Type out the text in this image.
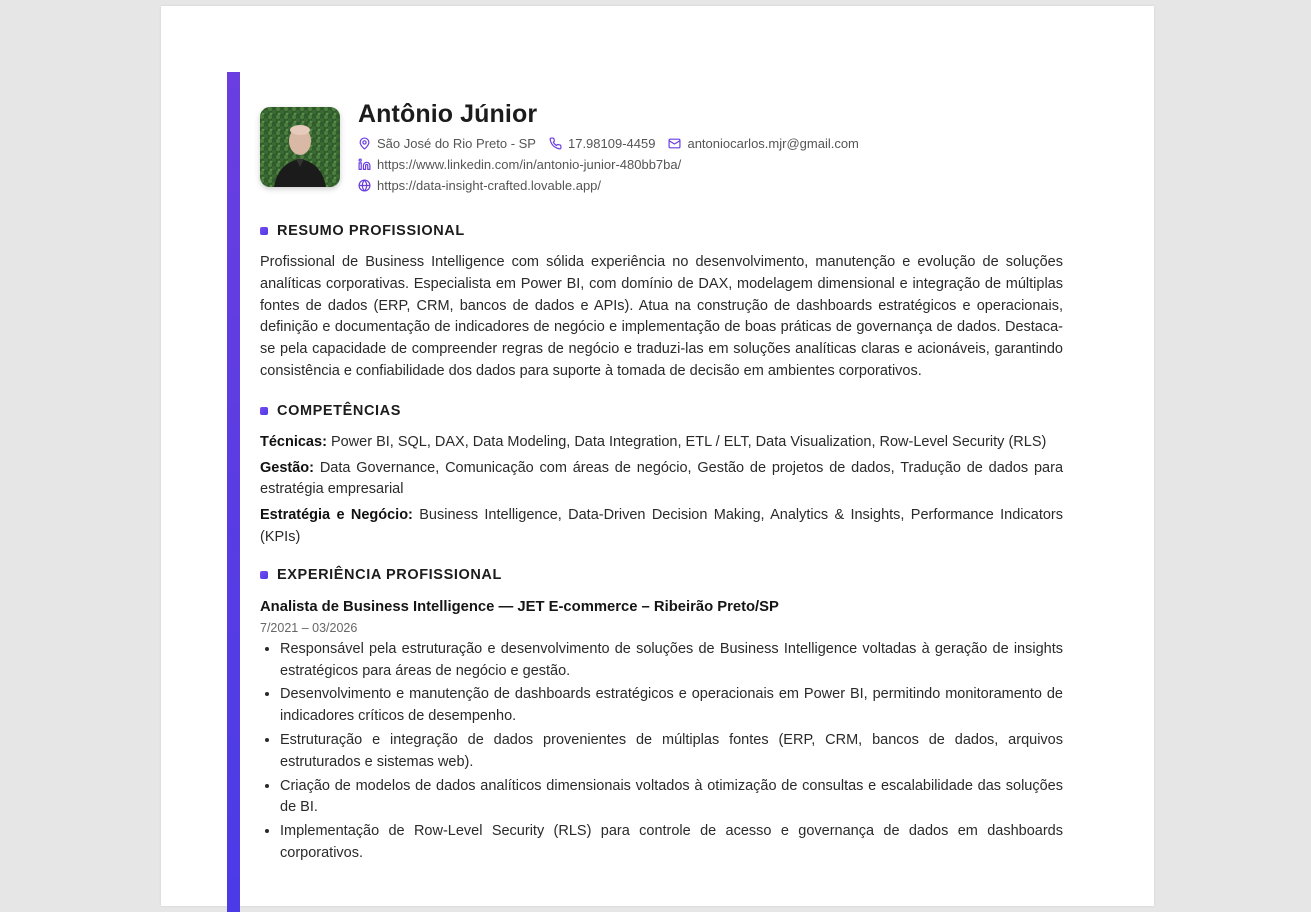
Antônio Júnior
São José do Rio Preto - SP 17.98109-4459 antoniocarlos.mjr@gmail.com
https://www.linkedin.com/in/antonio-junior-480bb7ba/
https://data-insight-crafted.lovable.app/
RESUMO PROFISSIONAL

Profissional de Business Intelligence com sólida experiência no desenvolvimento, manutenção e evolução de soluções analíticas corporativas. Especialista em Power BI, com domínio de DAX, modelagem dimensional e integração de múltiplas fontes de dados (ERP, CRM, bancos de dados e APIs). Atua na construção de dashboards estratégicos e operacionais, definição e documentação de indicadores de negócio e implementação de boas práticas de governança de dados. Destaca-se pela capacidade de compreender regras de negócio e traduzi-las em soluções analíticas claras e acionáveis, garantindo consistência e confiabilidade dos dados para suporte à tomada de decisão em ambientes corporativos.

COMPETÊNCIAS

Técnicas: Power BI, SQL, DAX, Data Modeling, Data Integration, ETL / ELT, Data Visualization, Row-Level Security (RLS)

Gestão: Data Governance, Comunicação com áreas de negócio, Gestão de projetos de dados, Tradução de dados para estratégia empresarial

Estratégia e Negócio: Business Intelligence, Data-Driven Decision Making, Analytics & Insights, Performance Indicators (KPIs)

EXPERIÊNCIA PROFISSIONAL

Analista de Business Intelligence — JET E-commerce – Ribeirão Preto/SP

7/2021 – 03/2026
• Responsável pela estruturação e desenvolvimento de soluções de Business Intelligence voltadas à geração de insights estratégicos para áreas de negócio e gestão.
• Desenvolvimento e manutenção de dashboards estratégicos e operacionais em Power BI, permitindo monitoramento de indicadores críticos de desempenho.
• Estruturação e integração de dados provenientes de múltiplas fontes (ERP, CRM, bancos de dados, arquivos estruturados e sistemas web).
• Criação de modelos de dados analíticos dimensionais voltados à otimização de consultas e escalabilidade das soluções de BI.
• Implementação de Row-Level Security (RLS) para controle de acesso e governança de dados em dashboards corporativos.
